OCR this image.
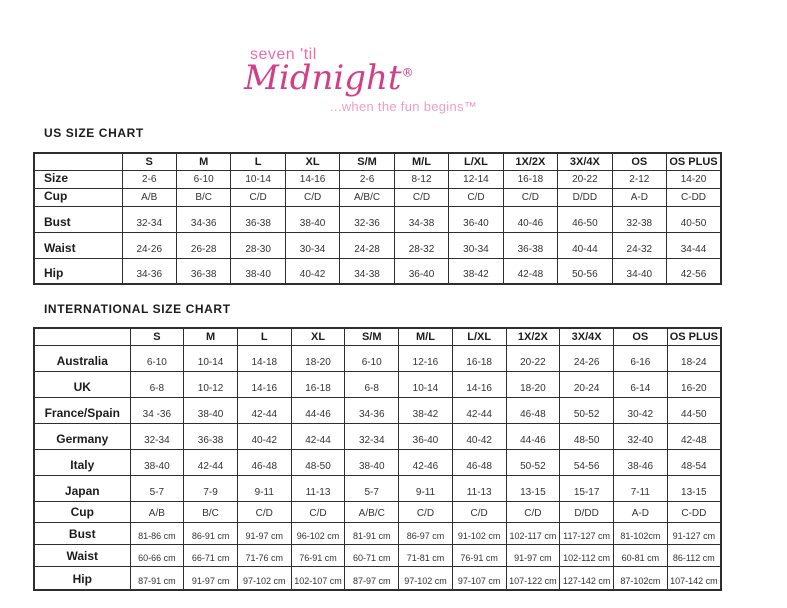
seven 'til
Midnight®
...when the fun begins™
US SIZE CHART
	S	M	L	XL	S/M	M/L	L/XL	1X/2X	3X/4X	OS	OS PLUS
Size	2-6	6-10	10-14	14-16	2-6	8-12	12-14	16-18	20-22	2-12	14-20
Cup	A/B	B/C	C/D	C/D	A/B/C	C/D	C/D	C/D	D/DD	A-D	C-DD
Bust	32-34	34-36	36-38	38-40	32-36	34-38	36-40	40-46	46-50	32-38	40-50
Waist	24-26	26-28	28-30	30-34	24-28	28-32	30-34	36-38	40-44	24-32	34-44
Hip	34-36	36-38	38-40	40-42	34-38	36-40	38-42	42-48	50-56	34-40	42-56
INTERNATIONAL SIZE CHART
	S	M	L	XL	S/M	M/L	L/XL	1X/2X	3X/4X	OS	OS PLUS
Australia	6-10	10-14	14-18	18-20	6-10	12-16	16-18	20-22	24-26	6-16	18-24
UK	6-8	10-12	14-16	16-18	6-8	10-14	14-16	18-20	20-24	6-14	16-20
France/Spain	34 -36	38-40	42-44	44-46	34-36	38-42	42-44	46-48	50-52	30-42	44-50
Germany	32-34	36-38	40-42	42-44	32-34	36-40	40-42	44-46	48-50	32-40	42-48
Italy	38-40	42-44	46-48	48-50	38-40	42-46	46-48	50-52	54-56	38-46	48-54
Japan	5-7	7-9	9-11	11-13	5-7	9-11	11-13	13-15	15-17	7-11	13-15
Cup	A/B	B/C	C/D	C/D	A/B/C	C/D	C/D	C/D	D/DD	A-D	C-DD
Bust	81-86 cm	86-91 cm	91-97 cm	96-102 cm	81-91 cm	86-97 cm	91-102 cm	102-117 cm	117-127 cm	81-102cm	91-127 cm
Waist	60-66 cm	66-71 cm	71-76 cm	76-91 cm	60-71 cm	71-81 cm	76-91 cm	91-97 cm	102-112 cm	60-81 cm	86-112 cm
Hip	87-91 cm	91-97 cm	97-102 cm	102-107 cm	87-97 cm	97-102 cm	97-107 cm	107-122 cm	127-142 cm	87-102cm	107-142 cm
